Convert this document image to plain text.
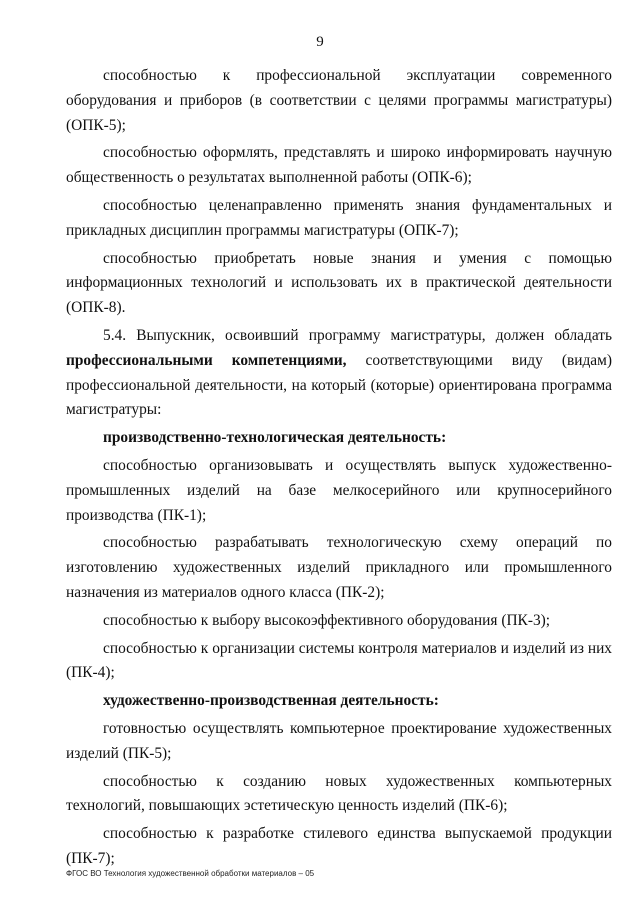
9

способностью к профессиональной эксплуатации современного оборудования и приборов (в соответствии с целями программы магистратуры) (ОПК-5);

способностью оформлять, представлять и широко информировать научную общественность о результатах выполненной работы (ОПК-6);

способностью целенаправленно применять знания фундаментальных и прикладных дисциплин программы магистратуры (ОПК-7);

способностью приобретать новые знания и умения с помощью информационных технологий и использовать их в практической деятельности (ОПК-8).

5.4. Выпускник, освоивший программу магистратуры, должен обладать профессиональными компетенциями, соответствующими виду (видам) профессиональной деятельности, на который (которые) ориентирована программа магистратуры:

производственно-технологическая деятельность:

способностью организовывать и осуществлять выпуск художественно-промышленных изделий на базе мелкосерийного или крупносерийного производства (ПК-1);

способностью разрабатывать технологическую схему операций по изготовлению художественных изделий прикладного или промышленного назначения из материалов одного класса (ПК-2);

способностью к выбору высокоэффективного оборудования (ПК-3);

способностью к организации системы контроля материалов и изделий из них (ПК-4);

художественно-производственная деятельность:

готовностью осуществлять компьютерное проектирование художественных изделий (ПК-5);

способностью к созданию новых художественных компьютерных технологий, повышающих эстетическую ценность изделий (ПК-6);

способностью к разработке стилевого единства выпускаемой продукции (ПК-7);

ФГОС ВО Технология художественной обработки материалов – 05
